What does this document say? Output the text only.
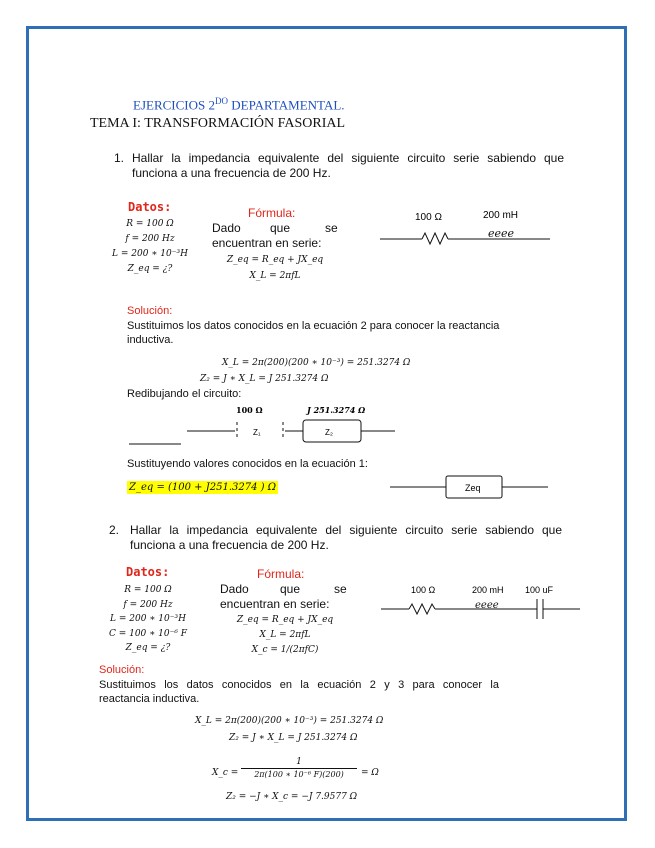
EJERCICIOS $2^{DO}$ DEPARTAMENTAL.
TEMA I: TRANSFORMACIÓN FASORIAL
1. Hallar la impedancia equivalente del siguiente circuito serie sabiendo que
funciona a una frecuencia de 200 Hz.
Datos:
R = 100 Ω
f = 200 Hz
L = 200 ∗ 10⁻³H
Z_eq = ¿?
Fórmula:
Dado que	se
encuentran en serie:
Z_eq = R_eq + JX_eq
X_L = 2πfL
100 Ω	200 mH
eeee
Solución:
Sustituimos los datos conocidos en la ecuación 2 para conocer la reactancia
inductiva.
X_L = 2π(200)(200 ∗ 10⁻³) = 251.3274 Ω
Z₂ = J ∗ X_L = J 251.3274 Ω
Redibujando el circuito:
100 Ω	J 251.3274 Ω
Z₁	Z₂
Sustituyendo valores conocidos en la ecuación 1:
Z_eq = (100 + J251.3274 ) Ω	Zeq
2. Hallar la impedancia equivalente del siguiente circuito serie sabiendo que
funciona a una frecuencia de 200 Hz.
Datos:
R = 100 Ω
f = 200 Hz
L = 200 ∗ 10⁻³H
C = 100 ∗ 10⁻⁶ F
Z_eq = ¿?
Fórmula:
Dado	que	se
encuentran en serie:
Z_eq = R_eq + JX_eq
X_L = 2πfL
X_c = 1/(2πfC)
100 Ω	200 mH 100 uF
eeee
Solución:
Sustituimos los datos conocidos en la ecuación 2 y 3 para conocer la
reactancia inductiva.
X_L = 2π(200)(200 ∗ 10⁻³) = 251.3274 Ω
Z₂ = J ∗ X_L = J 251.3274 Ω
X_c = $\frac{1}{\text{2π(100 ∗ 10⁻⁶ F)(200)}} = \Omega$
Z₂ = −J ∗ X_c = −J 7.9577 Ω
